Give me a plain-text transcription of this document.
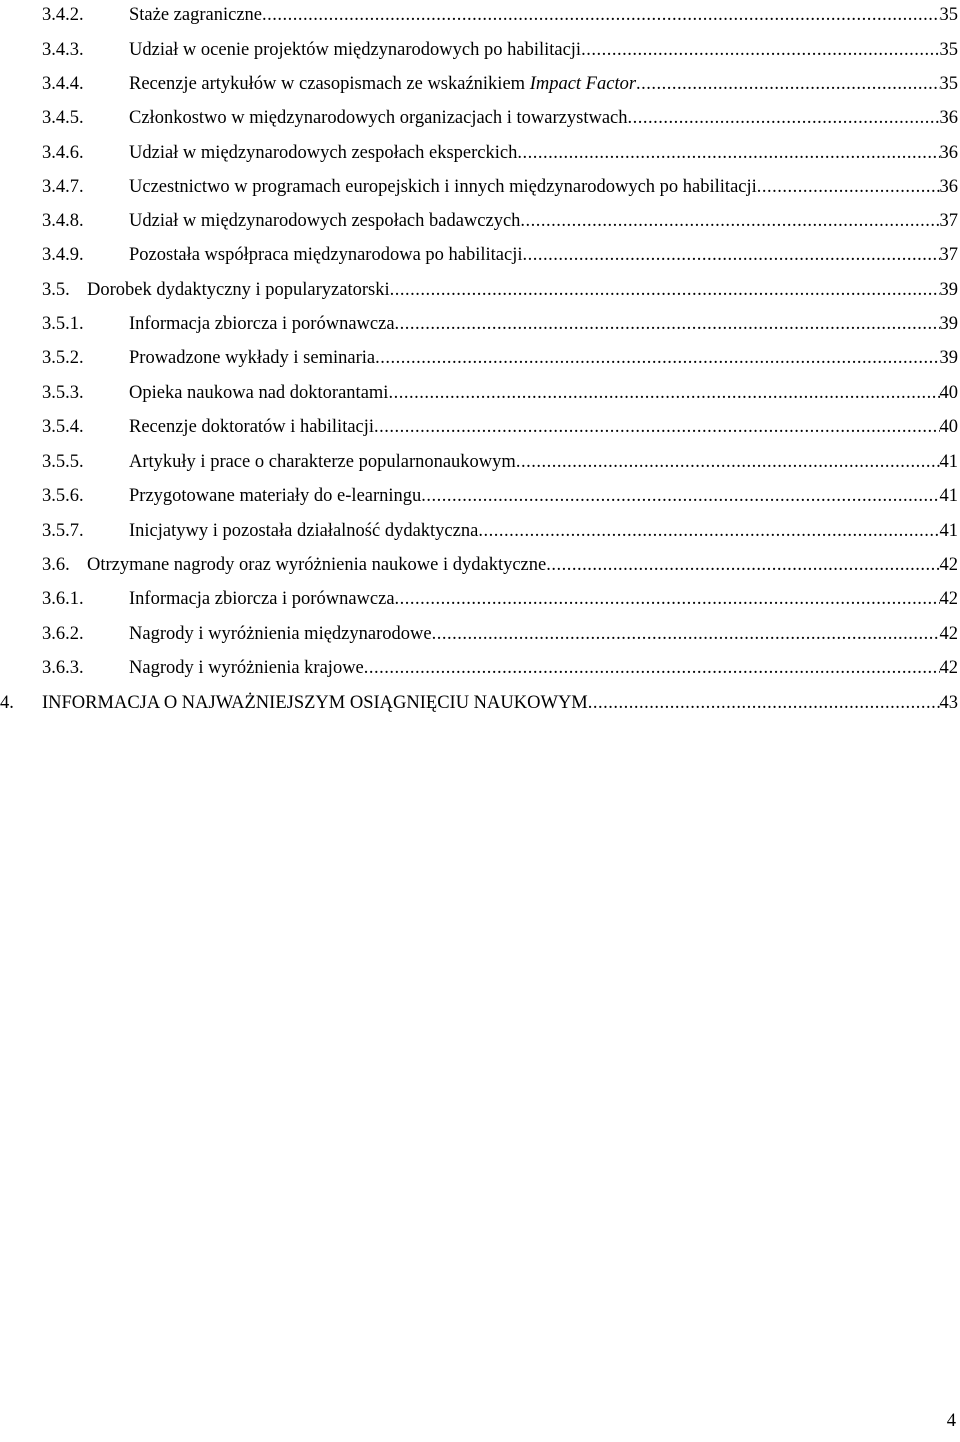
3.4.2. Staże zagraniczne .....	35
3.4.3. Udział w ocenie projektów międzynarodowych po habilitacji .....	35
3.4.4. Recenzje artykułów w czasopismach ze wskaźnikiem Impact Factor .....	35
3.4.5. Członkostwo w międzynarodowych organizacjach i towarzystwach .....	36
3.4.6. Udział w międzynarodowych zespołach eksperckich .....	36
3.4.7. Uczestnictwo w programach europejskich i innych międzynarodowych po habilitacji .....	36
3.4.8. Udział w międzynarodowych zespołach badawczych .....	37
3.4.9. Pozostała współpraca międzynarodowa po habilitacji .....	37
3.5. Dorobek dydaktyczny i popularyzatorski .....	39
3.5.1. Informacja zbiorcza i porównawcza .....	39
3.5.2. Prowadzone wykłady i seminaria .....	39
3.5.3. Opieka naukowa nad doktorantami .....	40
3.5.4. Recenzje doktoratów i habilitacji .....	40
3.5.5. Artykuły i prace o charakterze popularnonaukowym .....	41
3.5.6. Przygotowane materiały do e-learningu .....	41
3.5.7. Inicjatywy i pozostała działalność dydaktyczna .....	41
3.6. Otrzymane nagrody oraz wyróżnienia naukowe i dydaktyczne .....	42
3.6.1. Informacja zbiorcza i porównawcza .....	42
3.6.2. Nagrody i wyróżnienia międzynarodowe .....	42
3.6.3. Nagrody i wyróżnienia krajowe .....	42
4. INFORMACJA O NAJWAŻNIEJSZYM OSIĄGNIĘCIU NAUKOWYM .....	43
4
